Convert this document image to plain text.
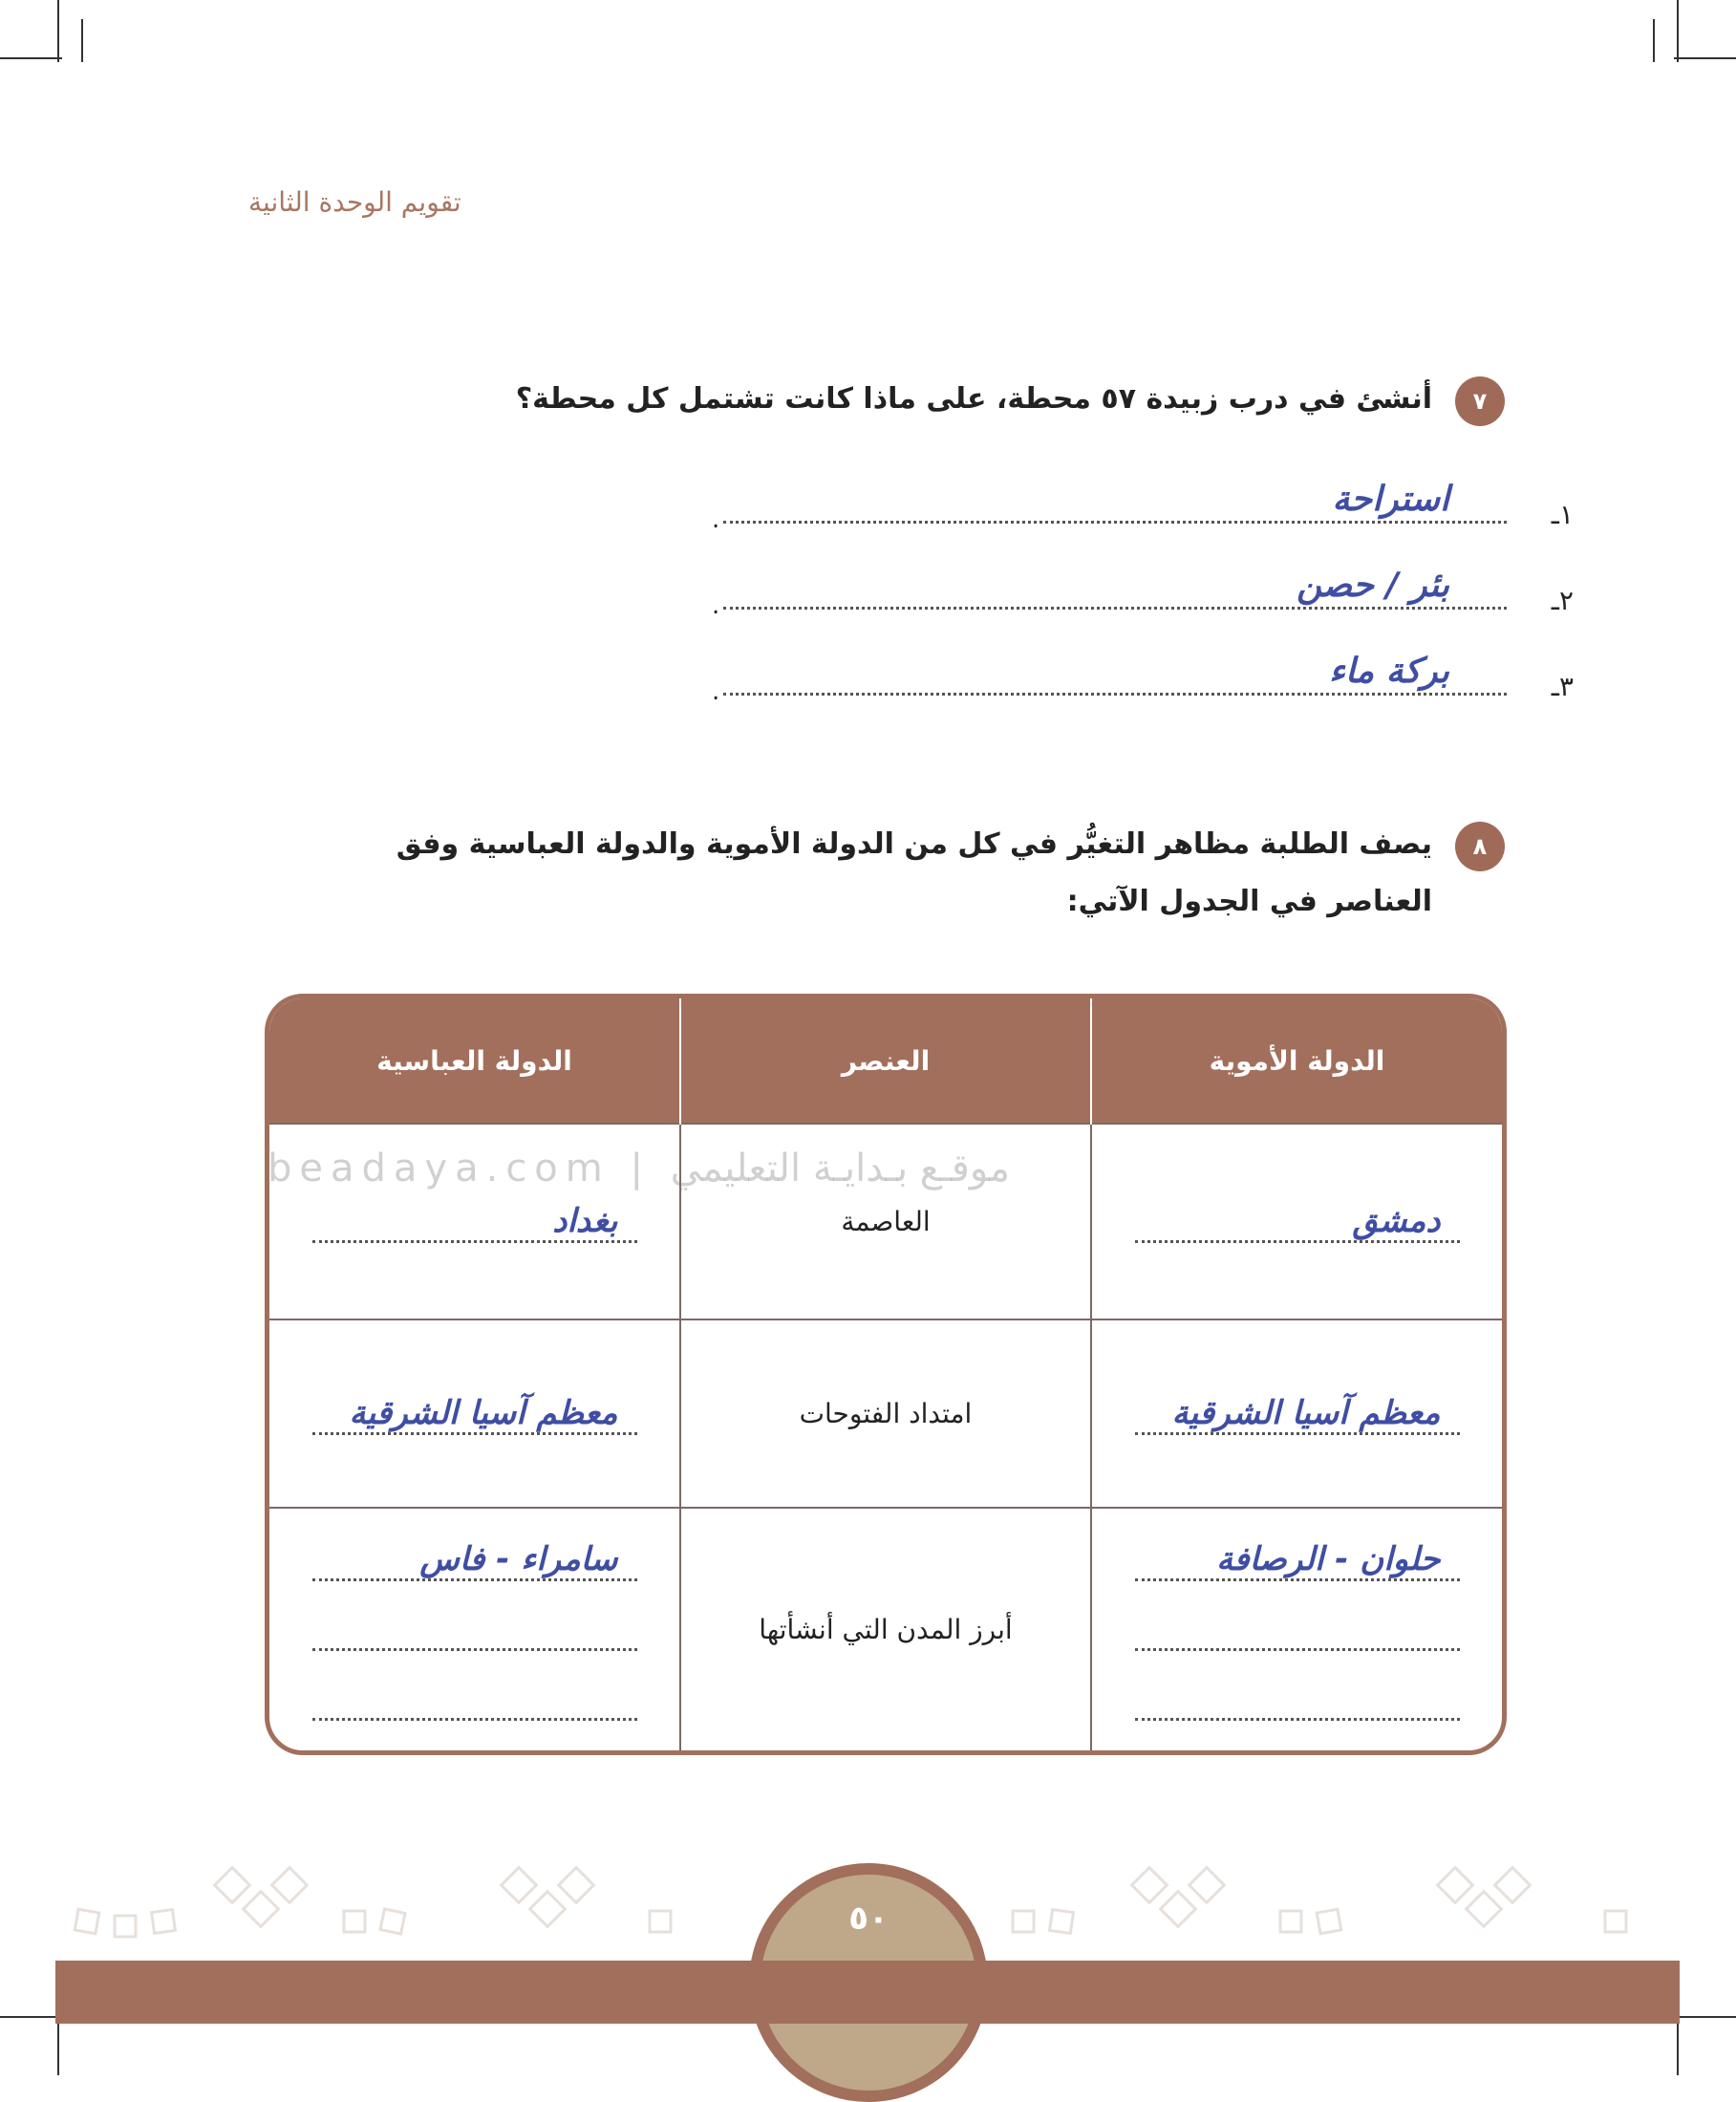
تقويم الوحدة الثانية
٧
أنشئ في درب زبيدة ٥٧ محطة، على ماذا كانت تشتمل كل محطة؟
١ـ
استراحة
.
٢ـ
بئر / حصن
.
٣ـ
بركة ماء
.
٨
يصف الطلبة مظاهر التغيُّر في كل من الدولة الأموية والدولة العباسية وفق
العناصر في الجدول الآتي:
الدولة الأموية	العنصر	الدولة العباسية

دمشق	العاصمة	بغداد

معظم آسيا الشرقية	امتداد الفتوحات	معظم آسيا الشرقية

حلوان - الرصافة	أبرز المدن التي أنشأتها	سامراء - فاس
beadaya.com | موقـع بـدايـة التعليمي
٥٠
